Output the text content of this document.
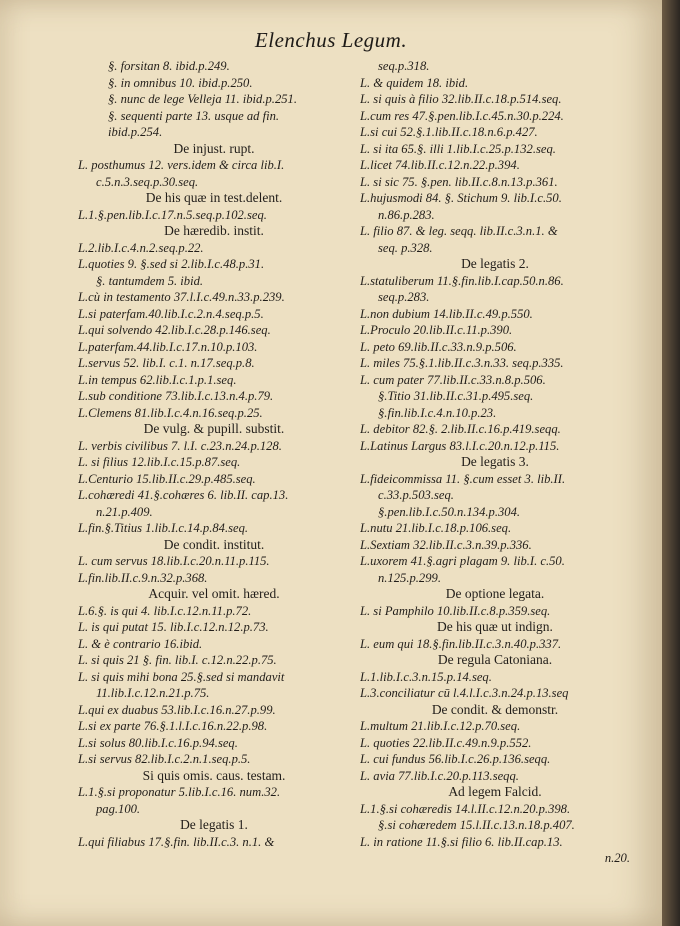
Elenchus Legum.
§. forsitan 8. ibid.p.249.
§. in omnibus 10. ibid.p.250.
§. nunc de lege Velleja 11. ibid.p.251.
§. sequenti parte 13. usque ad fin.
ibid.p.254.
De injust. rupt.
L. posthumus 12. vers.idem & circa lib.I.
c.5.n.3.seq.p.30.seq.
De his quæ in test.delent.
L.1.§.pen.lib.I.c.17.n.5.seq.p.102.seq.
De hæredib. instit.
L.2.lib.I.c.4.n.2.seq.p.22.
L.quoties 9. §.sed si 2.lib.I.c.48.p.31.
§. tantumdem 5. ibid.
L.cù in testamento 37.l.I.c.49.n.33.p.239.
L.si paterfam.40.lib.I.c.2.n.4.seq.p.5.
L.qui solvendo 42.lib.I.c.28.p.146.seq.
L.paterfam.44.lib.I.c.17.n.10.p.103.
L.servus 52. lib.I. c.1. n.17.seq.p.8.
L.in tempus 62.lib.I.c.1.p.1.seq.
L.sub conditione 73.lib.I.c.13.n.4.p.79.
L.Clemens 81.lib.I.c.4.n.16.seq.p.25.
De vulg. & pupill. substit.
L. verbis civilibus 7. l.I. c.23.n.24.p.128.
L. si filius 12.lib.I.c.15.p.87.seq.
L.Centurio 15.lib.II.c.29.p.485.seq.
L.cohæredi 41.§.cohæres 6. lib.II. cap.13.
n.21.p.409.
L.fin.§.Titius 1.lib.I.c.14.p.84.seq.
De condit. institut.
L. cum servus 18.lib.I.c.20.n.11.p.115.
L.fin.lib.II.c.9.n.32.p.368.
Acquir. vel omit. hæred.
L.6.§. is qui 4. lib.I.c.12.n.11.p.72.
L. is qui putat 15. lib.I.c.12.n.12.p.73.
L. & è contrario 16.ibid.
L. si quis 21 §. fin. lib.I. c.12.n.22.p.75.
L. si quis mihi bona 25.§.sed si mandavit
11.lib.I.c.12.n.21.p.75.
L.qui ex duabus 53.lib.I.c.16.n.27.p.99.
L.si ex parte 76.§.1.l.I.c.16.n.22.p.98.
L.si solus 80.lib.I.c.16.p.94.seq.
L.si servus 82.lib.I.c.2.n.1.seq.p.5.
Si quis omis. caus. testam.
L.1.§.si proponatur 5.lib.I.c.16. num.32.
pag.100.
De legatis 1.
L.qui filiabus 17.§.fin. lib.II.c.3. n.1. &
seq.p.318.
L. & quidem 18. ibid.
L. si quis à filio 32.lib.II.c.18.p.514.seq.
L.cum res 47.§.pen.lib.I.c.45.n.30.p.224.
L.si cui 52.§.1.lib.II.c.18.n.6.p.427.
L. si ita 65.§. illi 1.lib.I.c.25.p.132.seq.
L.licet 74.lib.II.c.12.n.22.p.394.
L. si sic 75. §.pen. lib.II.c.8.n.13.p.361.
L.hujusmodi 84. §. Stichum 9. lib.I.c.50.
n.86.p.283.
L. filio 87. & leg. seqq. lib.II.c.3.n.1. &
seq. p.328.
De legatis 2.
L.statuliberum 11.§.fin.lib.I.cap.50.n.86.
seq.p.283.
L.non dubium 14.lib.II.c.49.p.550.
L.Proculo 20.lib.II.c.11.p.390.
L. peto 69.lib.II.c.33.n.9.p.506.
L. miles 75.§.1.lib.II.c.3.n.33. seq.p.335.
L. cum pater 77.lib.II.c.33.n.8.p.506.
§.Titio 31.lib.II.c.31.p.495.seq.
§.fin.lib.I.c.4.n.10.p.23.
L. debitor 82.§. 2.lib.II.c.16.p.419.seqq.
L.Latinus Largus 83.l.I.c.20.n.12.p.115.
De legatis 3.
L.fideicommissa 11. §.cum esset 3. lib.II.
c.33.p.503.seq.
§.pen.lib.I.c.50.n.134.p.304.
L.nutu 21.lib.I.c.18.p.106.seq.
L.Sextiam 32.lib.II.c.3.n.39.p.336.
L.uxorem 41.§.agri plagam 9. lib.I. c.50.
n.125.p.299.
De optione legata.
L. si Pamphilo 10.lib.II.c.8.p.359.seq.
De his quæ ut indign.
L. eum qui 18.§.fin.lib.II.c.3.n.40.p.337.
De regula Catoniana.
L.1.lib.I.c.3.n.15.p.14.seq.
L.3.conciliatur cū l.4.l.I.c.3.n.24.p.13.seq
De condit. & demonstr.
L.multum 21.lib.I.c.12.p.70.seq.
L. quoties 22.lib.II.c.49.n.9.p.552.
L. cui fundus 56.lib.I.c.26.p.136.seqq.
L. avia 77.lib.I.c.20.p.113.seqq.
Ad legem Falcid.
L.1.§.si cohæredis 14.l.II.c.12.n.20.p.398.
§.si cohæredem 15.l.II.c.13.n.18.p.407.
L. in ratione 11.§.si filio 6. lib.II.cap.13.
n.20.
